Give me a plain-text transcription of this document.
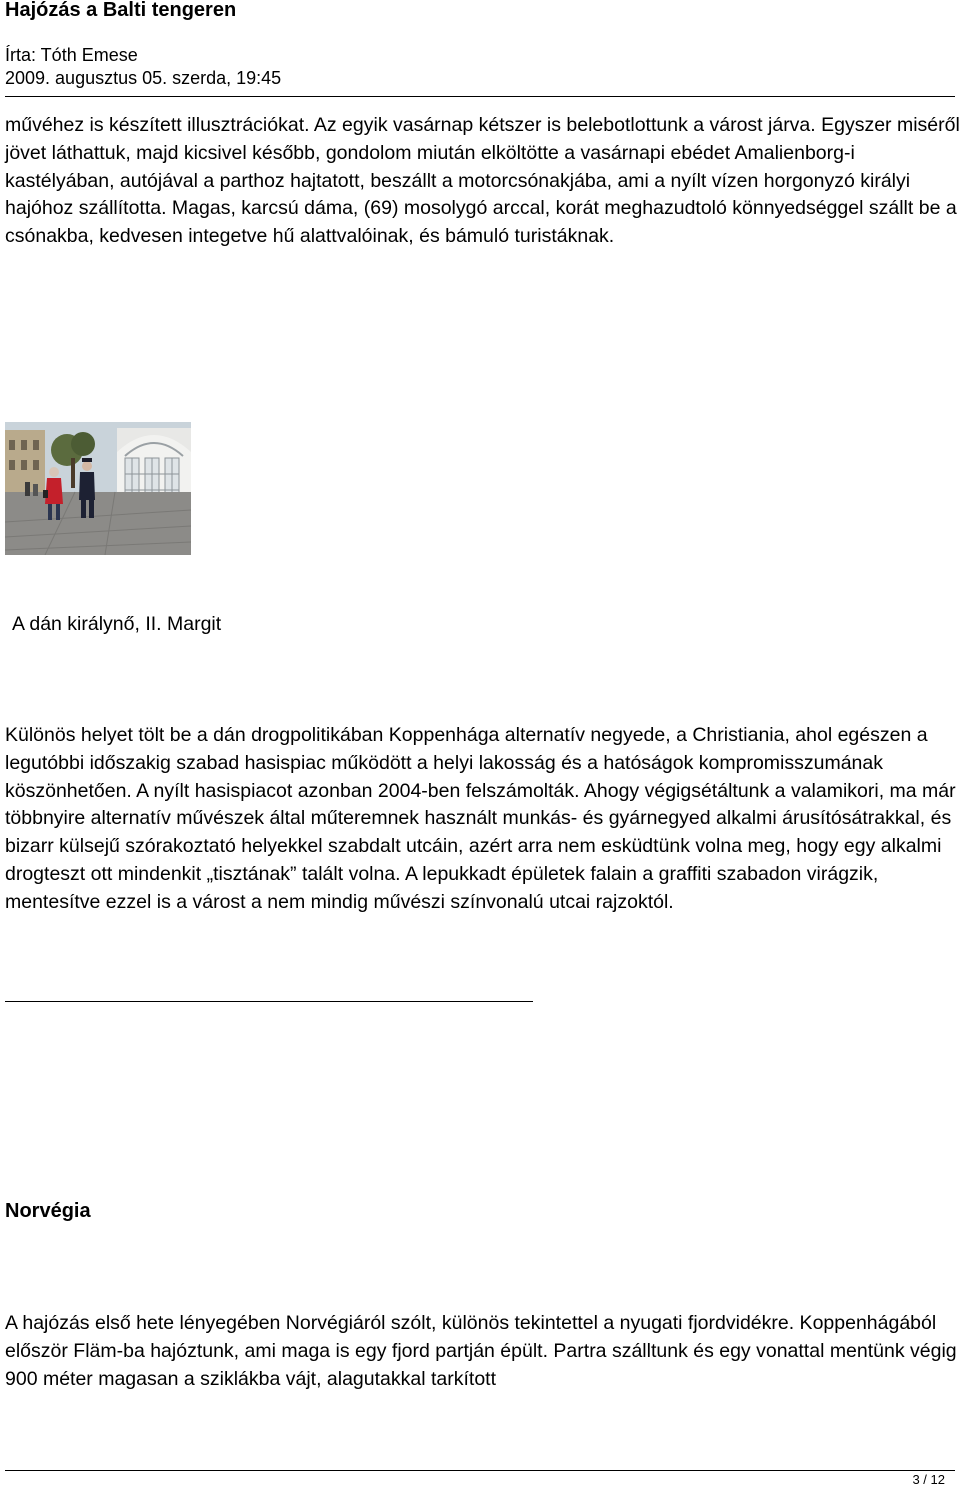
Hajózás a Balti tengeren
Írta: Tóth Emese
2009. augusztus 05. szerda, 19:45

művéhez is készített illusztrációkat. Az egyik vasárnap kétszer is belebotlottunk a várost járva. Egyszer miséről jövet láthattuk, majd kicsivel később, gondolom miután elköltötte a vasárnapi ebédet Amalienborg-i kastélyában, autójával a parthoz hajtatott, beszállt a motorcsónakjába, ami a nyílt vízen horgonyzó királyi hajóhoz szállította. Magas, karcsú dáma, (69) mosolygó arccal, korát meghazudtoló könnyedséggel szállt be a csónakba, kedvesen integetve hű alattvalóinak, és bámuló turistáknak.

A dán királynő, II. Margit

Különös helyet tölt be a dán drogpolitikában Koppenhága alternatív negyede, a Christiania, ahol egészen a legutóbbi időszakig szabad hasispiac működött a helyi lakosság és a hatóságok kompromisszumának köszönhetően. A nyílt hasispiacot azonban 2004-ben felszámolták. Ahogy végigsétáltunk a valamikori, ma már többnyire alternatív művészek által műteremnek használt munkás- és gyárnegyed alkalmi árusítósátrakkal, és bizarr külsejű szórakoztató helyekkel szabdalt utcáin, azért arra nem esküdtünk volna meg, hogy egy alkalmi drogteszt ott mindenkit „tisztának” talált volna. A lepukkadt épületek falain a graffiti szabadon virágzik, mentesítve ezzel is a várost a nem mindig művészi színvonalú utcai rajzoktól.

Norvégia

A hajózás első hete lényegében Norvégiáról szólt, különös tekintettel a nyugati fjordvidékre. Koppenhágából először Fläm-ba hajóztunk, ami maga is egy fjord partján épült. Partra szálltunk és egy vonattal mentünk végig 900 méter magasan a sziklákba vájt, alagutakkal tarkított

3 / 12
